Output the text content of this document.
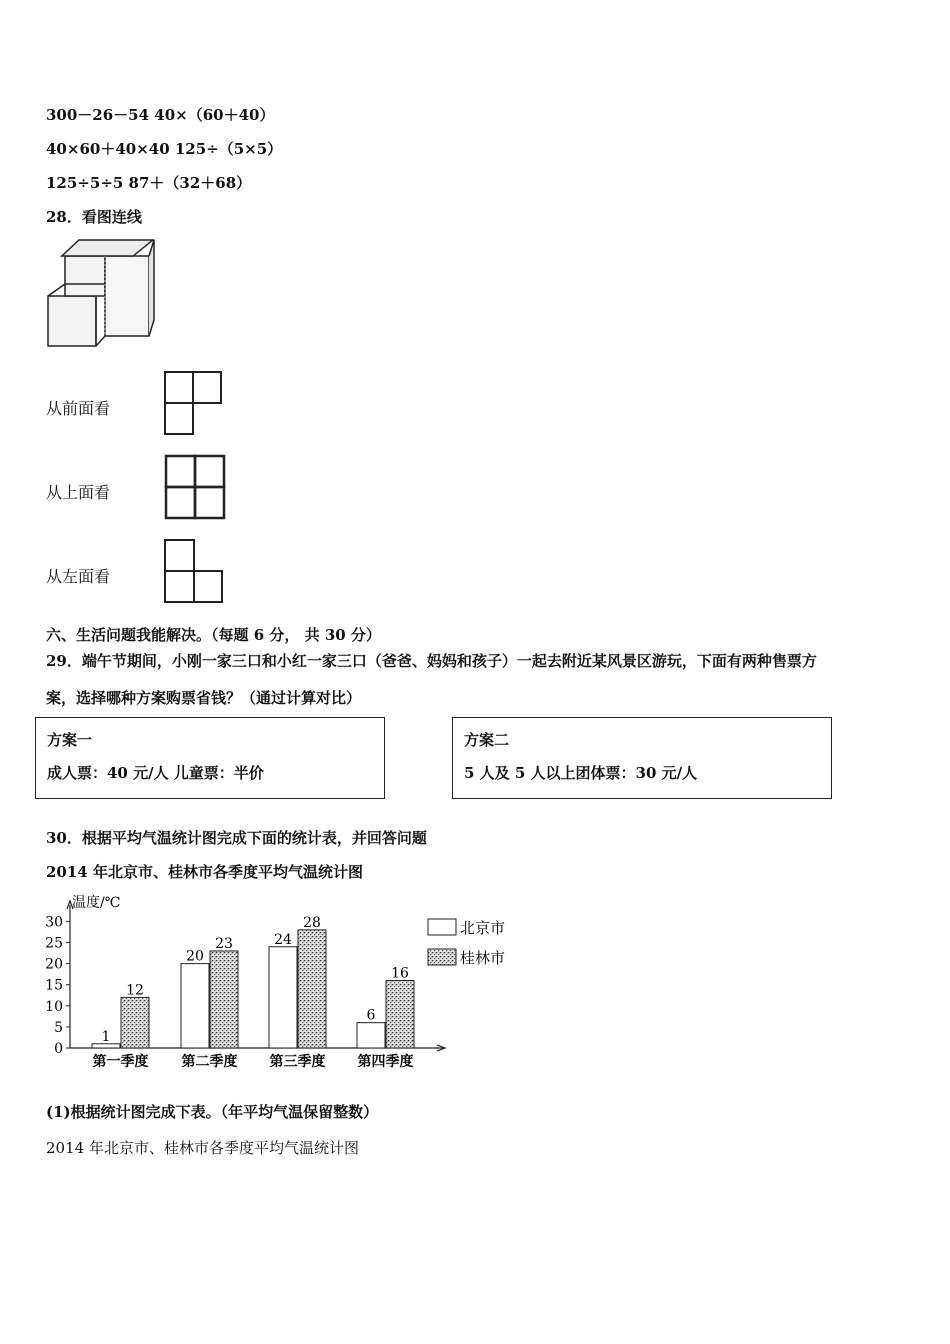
300－26－54 40×（60＋40）
40×60＋40×40 125÷（5×5）
125÷5÷5 87＋（32＋68）
28．看图连线
从前面看
从上面看
从左面看
六、生活问题我能解决。（每题 6 分， 共 30 分）
29．端午节期间，小刚一家三口和小红一家三口（爸爸、妈妈和孩子）一起去附近某风景区游玩，下面有两种售票方
案，选择哪种方案购票省钱？（通过计算对比）
方案一
成人票：40 元/人 儿童票：半价
方案二
5 人及 5 人以上团体票：30 元/人
30．根据平均气温统计图完成下面的统计表，并回答问题
2014 年北京市、桂林市各季度平均气温统计图
温度/℃
0
5
10
15
20
25
30
1
12
第一季度
20
23
第二季度
24
28
第三季度
6
16
第四季度
北京市
桂林市
(1)根据统计图完成下表。（年平均气温保留整数）
2014 年北京市、桂林市各季度平均气温统计图
